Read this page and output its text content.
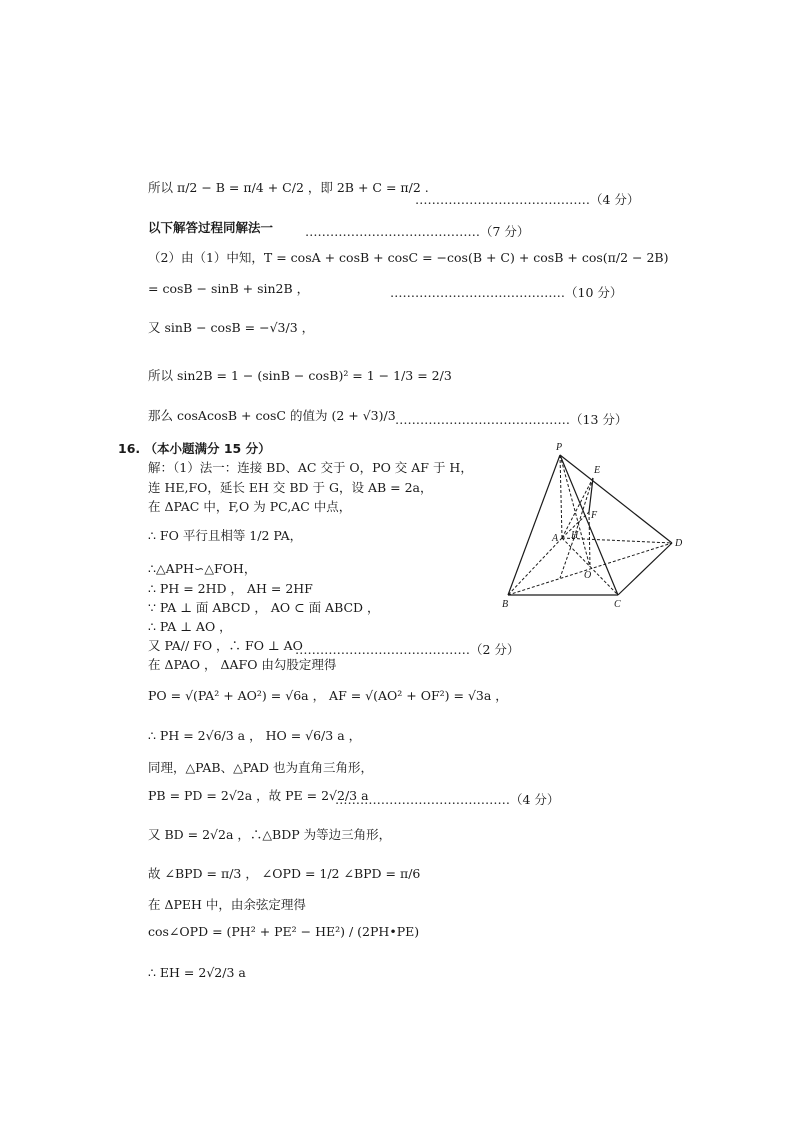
所以 π/2 − B = π/4 + C/2 ，即 2B + C = π/2 .
……………………………………（4 分）
以下解答过程同解法一	……………………………………（7 分）
（2）由（1）中知，T = cosA + cosB + cosC = −cos(B + C) + cosB + cos(π/2 − 2B)
= cosB − sinB + sin2B ，	……………………………………（10 分）
又 sinB − cosB = −√3/3 ，
所以 sin2B = 1 − (sinB − cosB)² = 1 − 1/3 = 2/3
那么 cosAcosB + cosC 的值为 (2 + √3)/3 ……………………………………（13 分）
16. （本小题满分 15 分）
解：（1）法一：连接 BD、AC 交于 O，PO 交 AF 于 H，
连 HE,FO，延长 EH 交 BD 于 G，设 AB = 2a，
在 ΔPAC 中，F,O 为 PC,AC 中点，
∴ FO 平行且相等 1/2 PA，
∴△APH∽△FOH，
∴ PH = 2HD ， AH = 2HF
∵ PA ⊥ 面 ABCD ， AO ⊂ 面 ABCD ，
∴ PA ⊥ AO ，
又 PA// FO ，∴ FO ⊥ AO
……………………………………（2 分）
在 ΔPAO ， ΔAFO 由勾股定理得
PO = √(PA² + AO²) = √6a ， AF = √(AO² + OF²) = √3a ，
∴ PH = 2√6/3 a ， HO = √6/3 a ，
同理，△PAB、△PAD 也为直角三角形，
PB = PD = 2√2a ，故 PE = 2√2/3 a
……………………………………（4 分）
又 BD = 2√2a ，∴△BDP 为等边三角形，
故 ∠BPD = π/3 ， ∠OPD = 1/2 ∠BPD = π/6
在 ΔPEH 中，由余弦定理得
cos∠OPD = (PH² + PE² − HE²) / (2PH•PE)
∴ EH = 2√2/3 a
P
E
F
A H
O
D
B	C
